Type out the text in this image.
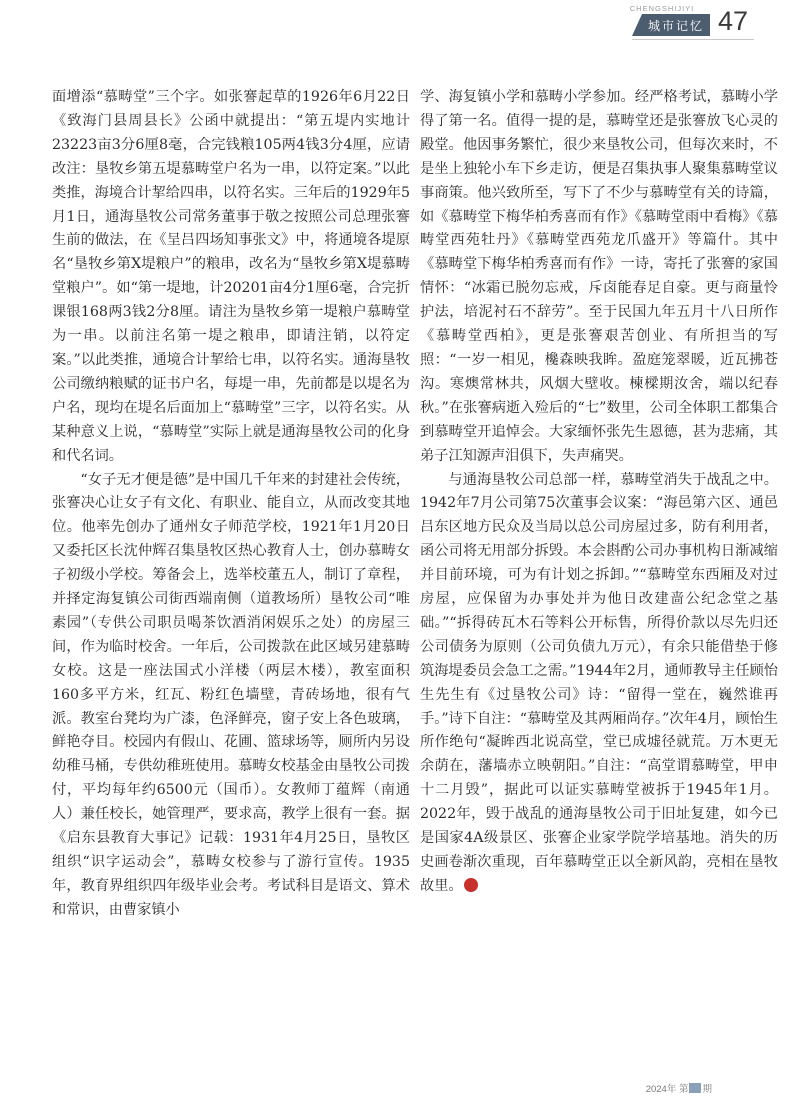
CHENGSHIJIYI
城市记忆 47

面增添“慕畴堂”三个字。如张謇起草的1926年6月22日《致海门县周县长》公函中就提出：“第五堤内实地计23223亩3分6厘8毫，合完钱粮105两4钱3分4厘，应请改注：垦牧乡第五堤慕畴堂户名为一串，以符定案。”以此类推，海境合计挈给四串，以符名实。三年后的1929年5月1日，通海垦牧公司常务董事于敬之按照公司总理张謇生前的做法，在《呈吕四场知事张文》中，将通境各堤原名“垦牧乡第X堤粮户”的粮串，改名为“垦牧乡第X堤慕畴堂粮户”。如“第一堤地，计20201亩4分1厘6毫，合完折课银168两3钱2分8厘。请注为垦牧乡第一堤粮户慕畴堂为一串。以前注名第一堤之粮串，即请注销，以符定案。”以此类推，通境合计挈给七串，以符名实。通海垦牧公司缴纳粮赋的证书户名，每堤一串，先前都是以堤名为户名，现均在堤名后面加上“慕畴堂”三字，以符名实。从某种意义上说，“慕畴堂”实际上就是通海垦牧公司的化身和代名词。

“女子无才便是德”是中国几千年来的封建社会传统，张謇决心让女子有文化、有职业、能自立，从而改变其地位。他率先创办了通州女子师范学校，1921年1月20日又委托区长沈仲辉召集垦牧区热心教育人士，创办慕畴女子初级小学校。筹备会上，选举校董五人，制订了章程，并择定海复镇公司街西端南侧（道教场所）垦牧公司“唯素园”（专供公司职员喝茶饮酒消闲娱乐之处）的房屋三间，作为临时校舍。一年后，公司拨款在此区域另建慕畴女校。这是一座法国式小洋楼（两层木楼），教室面积160多平方米，红瓦、粉红色墙壁，青砖场地，很有气派。教室台凳均为广漆，色泽鲜亮，窗子安上各色玻璃，鲜艳夺目。校园内有假山、花圃、篮球场等，厕所内另设幼稚马桶，专供幼稚班使用。慕畴女校基金由垦牧公司拨付，平均每年约6500元（国币）。女教师丁蕴辉（南通人）兼任校长，她管理严，要求高，教学上很有一套。据《启东县教育大事记》记载：1931年4月25日，垦牧区组织“识字运动会”，慕畴女校参与了游行宣传。1935年，教育界组织四年级毕业会考。考试科目是语文、算术和常识，由曹家镇小

学、海复镇小学和慕畴小学参加。经严格考试，慕畴小学得了第一名。值得一提的是，慕畴堂还是张謇放飞心灵的殿堂。他因事务繁忙，很少来垦牧公司，但每次来时，不是坐上独轮小车下乡走访，便是召集执事人聚集慕畴堂议事商策。他兴致所至，写下了不少与慕畴堂有关的诗篇，如《慕畴堂下梅华柏秀喜而有作》《慕畴堂雨中看梅》《慕畴堂西苑牡丹》《慕畴堂西苑龙爪盛开》等篇什。其中《慕畴堂下梅华柏秀喜而有作》一诗，寄托了张謇的家国情怀：“冰霜已脱勿忘戒，斥卤能春足自豪。更与商量怜护法，培泥衬石不辞劳”。至于民国九年五月十八日所作《慕畴堂西柏》，更是张謇艰苦创业、有所担当的写照：“一岁一相见，欃森映我眸。盈庭笼翠暖，近瓦拂苍沟。寒燠常林共，风烟大壁收。楝樑期汝舍，端以纪春秋。”在张謇病逝入殓后的“七”数里，公司全体职工都集合到慕畴堂开追悼会。大家缅怀张先生恩德，甚为悲痛，其弟子江知源声泪俱下，失声痛哭。

与通海垦牧公司总部一样，慕畴堂消失于战乱之中。1942年7月公司第75次董事会议案：“海邑第六区、通邑吕东区地方民众及当局以总公司房屋过多，防有利用者，函公司将无用部分拆毁。本会斟酌公司办事机构日渐减缩并目前环境，可为有计划之拆卸。”“慕畴堂东西厢及对过房屋，应保留为办事处并为他日改建啬公纪念堂之基础。”“拆得砖瓦木石等料公开标售，所得价款以尽先归还公司债务为原则（公司负债九万元），有余只能借垫于修筑海堤委员会急工之需。”1944年2月，通师教导主任顾怡生先生有《过垦牧公司》诗：“留得一堂在，巍然谁再手。”诗下自注：“慕畴堂及其两厢尚存。”次年4月，顾怡生所作绝句“凝眸西北说高堂，堂已成墟径就荒。万木更无余荫在，藩墙赤立映朝阳。”自注：“高堂谓慕畴堂，甲申十二月毁”，据此可以证实慕畴堂被拆于1945年1月。2022年，毁于战乱的通海垦牧公司于旧址复建，如今已是国家4A级景区、张謇企业家学院学培基地。消失的历史画卷渐次重现，百年慕畴堂正以全新风韵，亮相在垦牧故里。

2024年 第 期
